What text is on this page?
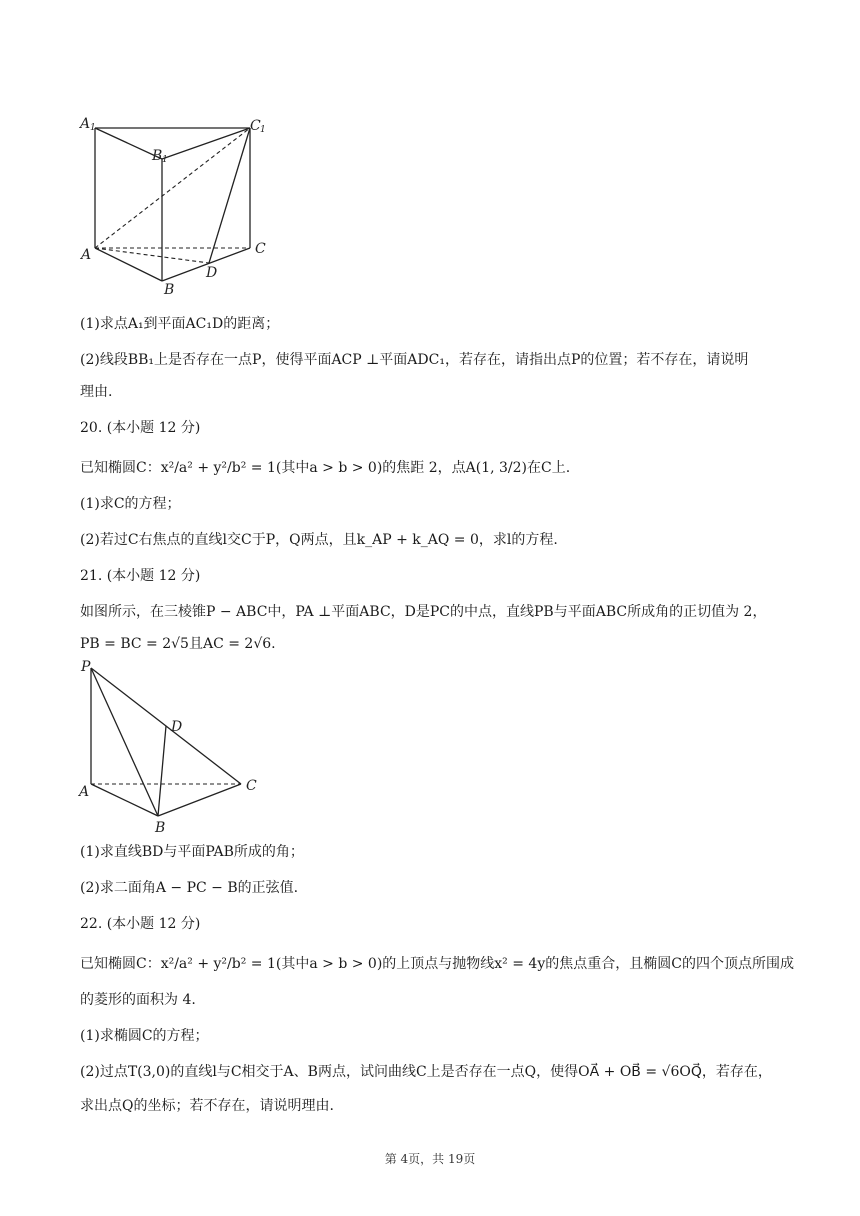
A 1
B 1
C 1
A
B
C
D
(1)求点A₁到平面AC₁D的距离；
(2)线段BB₁上是否存在一点P，使得平面ACP ⊥平面ADC₁，若存在，请指出点P的位置；若不存在，请说明
理由.
20. (本小题 12 分)
已知椭圆C：x²/a² + y²/b² = 1(其中a > b > 0)的焦距 2，点A(1, 3/2)在C上.
(1)求C的方程；
(2)若过C右焦点的直线l交C于P，Q两点，且k_AP + k_AQ = 0，求l的方程.
21. (本小题 12 分)
如图所示，在三棱锥P − ABC中，PA ⊥平面ABC，D是PC的中点，直线PB与平面ABC所成角的正切值为 2，
PB = BC = 2√5且AC = 2√6.
P
D
A	C
B
(1)求直线BD与平面PAB所成的角；
(2)求二面角A − PC − B的正弦值.
22. (本小题 12 分)
已知椭圆C：x²/a² + y²/b² = 1(其中a > b > 0)的上顶点与抛物线x² = 4y的焦点重合，且椭圆C的四个顶点所围成
的菱形的面积为 4.
(1)求椭圆C的方程；
(2)过点T(3,0)的直线l与C相交于A、B两点，试问曲线C上是否存在一点Q，使得OA⃗ + OB⃗ = √6OQ⃗，若存在，
求出点Q的坐标；若不存在，请说明理由.
第 4页，共 19页
